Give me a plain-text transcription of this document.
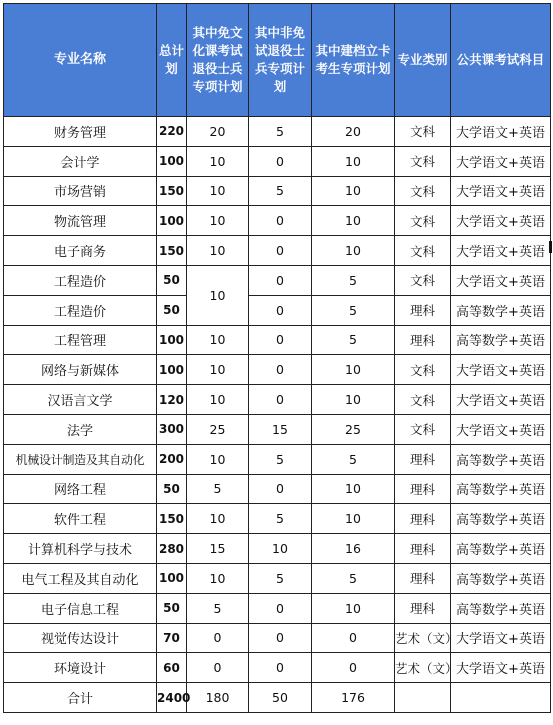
专业名称	总计划	其中免文化课考试退役士兵专项计划	其中非免试退役士兵专项计划	其中建档立卡考生专项计划	专业类别	公共课考试科目
财务管理	220	20	5	20	文科	大学语文+英语
会计学	100	10	0	10	文科	大学语文+英语
市场营销	150	10	5	10	文科	大学语文+英语
物流管理	100	10	0	10	文科	大学语文+英语
电子商务	150	10	0	10	文科	大学语文+英语
工程造价	50	10	0	5	文科	大学语文+英语
工程造价	50		0	5	理科	高等数学+英语
工程管理	100	10	0	5	理科	高等数学+英语
网络与新媒体	100	10	0	10	文科	大学语文+英语
汉语言文学	120	10	0	10	文科	大学语文+英语
法学	300	25	15	25	文科	大学语文+英语
机械设计制造及其自动化	200	10	5	5	理科	高等数学+英语
网络工程	50	5	0	10	理科	高等数学+英语
软件工程	150	10	5	10	理科	高等数学+英语
计算机科学与技术	280	15	10	16	理科	高等数学+英语
电气工程及其自动化	100	10	5	5	理科	高等数学+英语
电子信息工程	50	5	0	10	理科	高等数学+英语
视觉传达设计	70	0	0	0	艺术（文）	大学语文+英语
环境设计	60	0	0	0	艺术（文）	大学语文+英语
合计	2400	180	50	176		
